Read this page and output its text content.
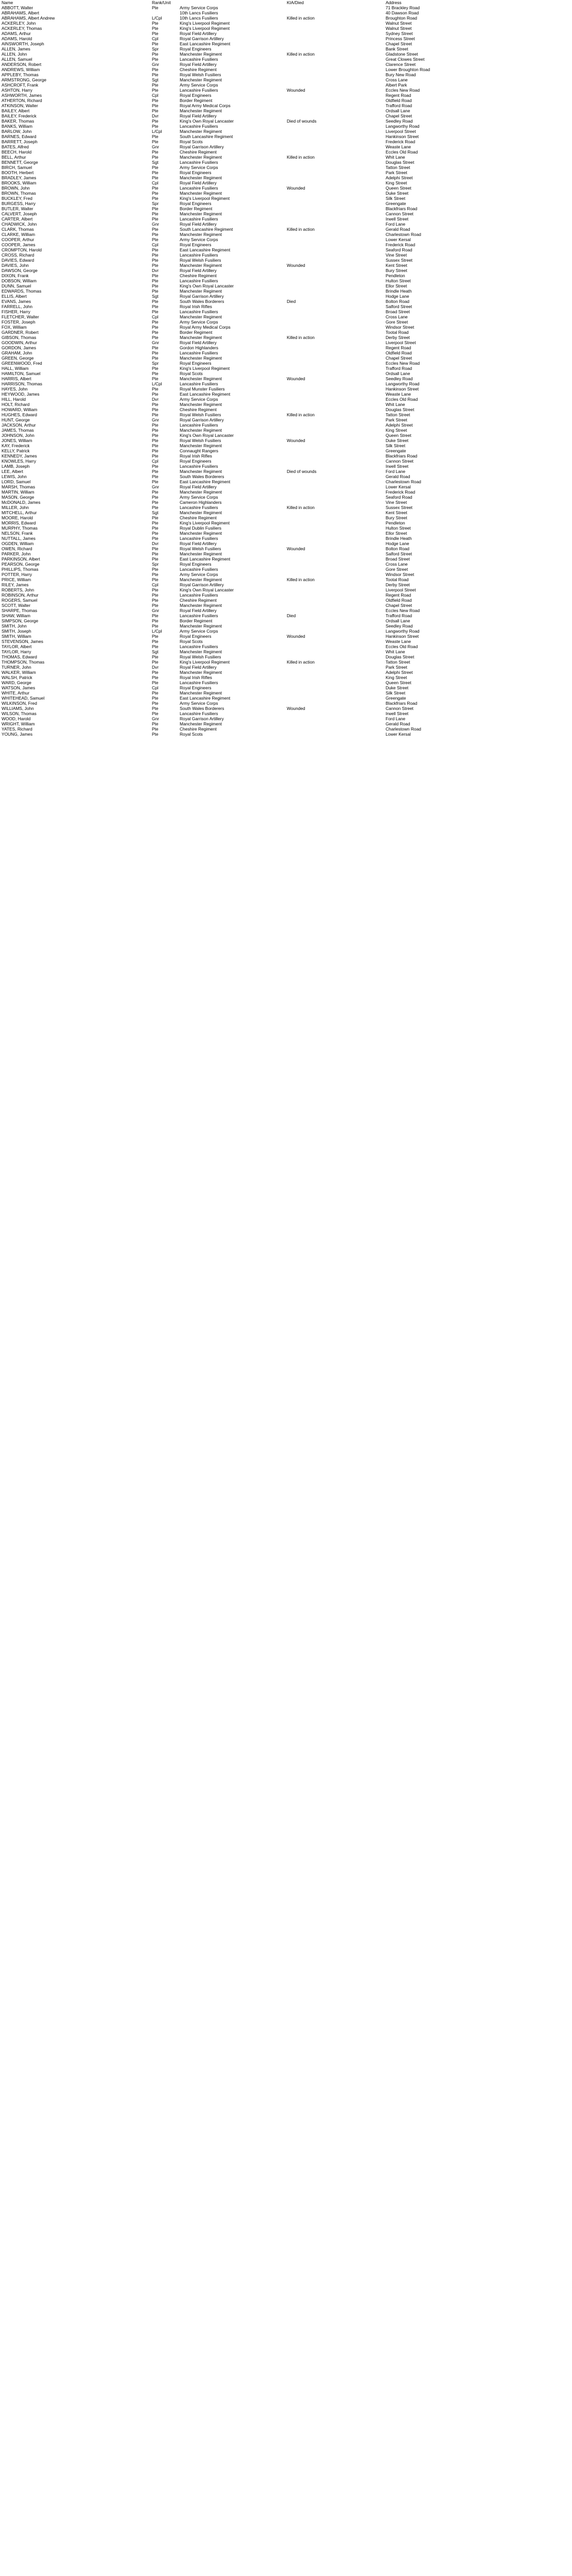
Name		Rank/Unit		KIA/Died	Address
ABBOTT, Walter		Pte	Army Service Corps		71 Brackley Road
ABRAHAMS, Albert			10th Lancs Fusiliers		40 Dawson Road
ABRAHAMS, Albert Andrew		L/Cpl	10th Lancs Fusiliers	Killed in action	Broughton Road
ACKERLEY, John		Pte	King's Liverpool Regiment		Walnut Street
ACKERLEY, Thomas		Pte	King's Liverpool Regiment		Walnut Street
ADAMS, Arthur		Pte	Royal Field Artillery		Sydney Street
ADAMS, Harold		Cpl	Royal Garrison Artillery		Princess Street
AINSWORTH, Joseph		Pte	East Lancashire Regiment		Chapel Street
ALLEN, James		Spr	Royal Engineers		Bank Street
ALLEN, John		Pte	Manchester Regiment	Killed in action	Gladstone Street
ALLEN, Samuel		Pte	Lancashire Fusiliers		Great Clowes Street
ANDERSON, Robert		Gnr	Royal Field Artillery		Clarence Street
ANDREWS, William		Pte	Cheshire Regiment		Lower Broughton Road
APPLEBY, Thomas		Pte	Royal Welsh Fusiliers		Bury New Road
ARMSTRONG, George		Sgt	Manchester Regiment		Cross Lane
ASHCROFT, Frank		Pte	Army Service Corps		Albert Park
ASHTON, Harry		Pte	Lancashire Fusiliers	Wounded	Eccles New Road
ASHWORTH, James		Cpl	Royal Engineers		Regent Road
ATHERTON, Richard		Pte	Border Regiment		Oldfield Road
ATKINSON, Walter		Pte	Royal Army Medical Corps		Trafford Road
BAILEY, Albert		Pte	Manchester Regiment		Ordsall Lane
BAILEY, Frederick		Dvr	Royal Field Artillery		Chapel Street
BAKER, Thomas		Pte	King's Own Royal Lancaster	Died of wounds	Seedley Road
BANKS, William		Pte	Lancashire Fusiliers		Langworthy Road
BARLOW, John		L/Cpl	Manchester Regiment		Liverpool Street
BARNES, Edward		Pte	South Lancashire Regiment		Hankinson Street
BARRETT, Joseph		Pte	Royal Scots		Frederick Road
BATES, Alfred		Gnr	Royal Garrison Artillery		Weaste Lane
BEECH, Harold		Pte	Cheshire Regiment		Eccles Old Road
BELL, Arthur		Pte	Manchester Regiment	Killed in action	Whit Lane
BENNETT, George		Sgt	Lancashire Fusiliers		Douglas Street
BIRCH, Samuel		Pte	Army Service Corps		Tatton Street
BOOTH, Herbert		Pte	Royal Engineers		Park Street
BRADLEY, James		Pte	Manchester Regiment		Adelphi Street
BROOKS, William		Cpl	Royal Field Artillery		King Street
BROWN, John		Pte	Lancashire Fusiliers	Wounded	Queen Street
BROWN, Thomas		Pte	Manchester Regiment		Duke Street
BUCKLEY, Fred		Pte	King's Liverpool Regiment		Silk Street
BURGESS, Harry		Spr	Royal Engineers		Greengate
BUTLER, Walter		Pte	Border Regiment		Blackfriars Road
CALVERT, Joseph		Pte	Manchester Regiment		Cannon Street
CARTER, Albert		Pte	Lancashire Fusiliers		Irwell Street
CHADWICK, John		Gnr	Royal Field Artillery		Ford Lane
CLARK, Thomas		Pte	South Lancashire Regiment	Killed in action	Gerald Road
CLARKE, William		Pte	Manchester Regiment		Charlestown Road
COOPER, Arthur		Pte	Army Service Corps		Lower Kersal
COOPER, James		Cpl	Royal Engineers		Frederick Road
CROMPTON, Harold		Pte	East Lancashire Regiment		Seaford Road
CROSS, Richard		Pte	Lancashire Fusiliers		Vine Street
DAVIES, Edward		Pte	Royal Welsh Fusiliers		Sussex Street
DAVIES, John		Pte	Manchester Regiment	Wounded	Kent Street
DAWSON, George		Dvr	Royal Field Artillery		Bury Street
DIXON, Frank		Pte	Cheshire Regiment		Pendleton
DOBSON, William		Pte	Lancashire Fusiliers		Hulton Street
DUNN, Samuel		Pte	King's Own Royal Lancaster		Ellor Street
EDWARDS, Thomas		Pte	Manchester Regiment		Brindle Heath
ELLIS, Albert		Sgt	Royal Garrison Artillery		Hodge Lane
EVANS, James		Pte	South Wales Borderers	Died	Bolton Road
FARRELL, John		Pte	Royal Irish Rifles		Salford Street
FISHER, Harry		Pte	Lancashire Fusiliers		Broad Street
FLETCHER, Walter		Cpl	Manchester Regiment		Cross Lane
FOSTER, Joseph		Pte	Army Service Corps		Gore Street
FOX, William		Pte	Royal Army Medical Corps		Windsor Street
GARDNER, Robert		Pte	Border Regiment		Tootal Road
GIBSON, Thomas		Pte	Manchester Regiment	Killed in action	Derby Street
GOODWIN, Arthur		Gnr	Royal Field Artillery		Liverpool Street
GORDON, James		Pte	Gordon Highlanders		Regent Road
GRAHAM, John		Pte	Lancashire Fusiliers		Oldfield Road
GREEN, George		Pte	Manchester Regiment		Chapel Street
GREENWOOD, Fred		Spr	Royal Engineers		Eccles New Road
HALL, William		Pte	King's Liverpool Regiment		Trafford Road
HAMILTON, Samuel		Pte	Royal Scots		Ordsall Lane
HARRIS, Albert		Pte	Manchester Regiment	Wounded	Seedley Road
HARRISON, Thomas		L/Cpl	Lancashire Fusiliers		Langworthy Road
HAYES, John		Pte	Royal Munster Fusiliers		Hankinson Street
HEYWOOD, James		Pte	East Lancashire Regiment		Weaste Lane
HILL, Harold		Dvr	Army Service Corps		Eccles Old Road
HOLT, Richard		Pte	Manchester Regiment		Whit Lane
HOWARD, William		Pte	Cheshire Regiment		Douglas Street
HUGHES, Edward		Pte	Royal Welsh Fusiliers	Killed in action	Tatton Street
HUNT, George		Gnr	Royal Garrison Artillery		Park Street
JACKSON, Arthur		Pte	Lancashire Fusiliers		Adelphi Street
JAMES, Thomas		Pte	Manchester Regiment		King Street
JOHNSON, John		Pte	King's Own Royal Lancaster		Queen Street
JONES, William		Pte	Royal Welsh Fusiliers	Wounded	Duke Street
KAY, Frederick		Pte	Manchester Regiment		Silk Street
KELLY, Patrick		Pte	Connaught Rangers		Greengate
KENNEDY, James		Pte	Royal Irish Rifles		Blackfriars Road
KNOWLES, Harry		Cpl	Royal Engineers		Cannon Street
LAMB, Joseph		Pte	Lancashire Fusiliers		Irwell Street
LEE, Albert		Pte	Manchester Regiment	Died of wounds	Ford Lane
LEWIS, John		Pte	South Wales Borderers		Gerald Road
LORD, Samuel		Pte	East Lancashire Regiment		Charlestown Road
MARSH, Thomas		Gnr	Royal Field Artillery		Lower Kersal
MARTIN, William		Pte	Manchester Regiment		Frederick Road
MASON, George		Pte	Army Service Corps		Seaford Road
McDONALD, James		Pte	Cameron Highlanders		Vine Street
MILLER, John		Pte	Lancashire Fusiliers	Killed in action	Sussex Street
MITCHELL, Arthur		Sgt	Manchester Regiment		Kent Street
MOORE, Harold		Pte	Cheshire Regiment		Bury Street
MORRIS, Edward		Pte	King's Liverpool Regiment		Pendleton
MURPHY, Thomas		Pte	Royal Dublin Fusiliers		Hulton Street
NELSON, Frank		Pte	Manchester Regiment		Ellor Street
NUTTALL, James		Pte	Lancashire Fusiliers		Brindle Heath
OGDEN, William		Dvr	Royal Field Artillery		Hodge Lane
OWEN, Richard		Pte	Royal Welsh Fusiliers	Wounded	Bolton Road
PARKER, John		Pte	Manchester Regiment		Salford Street
PARKINSON, Albert		Pte	East Lancashire Regiment		Broad Street
PEARSON, George		Spr	Royal Engineers		Cross Lane
PHILLIPS, Thomas		Pte	Lancashire Fusiliers		Gore Street
POTTER, Harry		Pte	Army Service Corps		Windsor Street
PRICE, William		Pte	Manchester Regiment	Killed in action	Tootal Road
RILEY, James		Cpl	Royal Garrison Artillery		Derby Street
ROBERTS, John		Pte	King's Own Royal Lancaster		Liverpool Street
ROBINSON, Arthur		Pte	Lancashire Fusiliers		Regent Road
ROGERS, Samuel		Pte	Cheshire Regiment		Oldfield Road
SCOTT, Walter		Pte	Manchester Regiment		Chapel Street
SHARPE, Thomas		Gnr	Royal Field Artillery		Eccles New Road
SHAW, William		Pte	Lancashire Fusiliers	Died	Trafford Road
SIMPSON, George		Pte	Border Regiment		Ordsall Lane
SMITH, John		Pte	Manchester Regiment		Seedley Road
SMITH, Joseph		L/Cpl	Army Service Corps		Langworthy Road
SMITH, William		Pte	Royal Engineers	Wounded	Hankinson Street
STEVENSON, James		Pte	Royal Scots		Weaste Lane
TAYLOR, Albert		Pte	Lancashire Fusiliers		Eccles Old Road
TAYLOR, Harry		Sgt	Manchester Regiment		Whit Lane
THOMAS, Edward		Pte	Royal Welsh Fusiliers		Douglas Street
THOMPSON, Thomas		Pte	King's Liverpool Regiment	Killed in action	Tatton Street
TURNER, John		Dvr	Royal Field Artillery		Park Street
WALKER, William		Pte	Manchester Regiment		Adelphi Street
WALSH, Patrick		Pte	Royal Irish Rifles		King Street
WARD, George		Pte	Lancashire Fusiliers		Queen Street
WATSON, James		Cpl	Royal Engineers		Duke Street
WHITE, Arthur		Pte	Manchester Regiment		Silk Street
WHITEHEAD, Samuel		Pte	East Lancashire Regiment		Greengate
WILKINSON, Fred		Pte	Army Service Corps		Blackfriars Road
WILLIAMS, John		Pte	South Wales Borderers	Wounded	Cannon Street
WILSON, Thomas		Pte	Lancashire Fusiliers		Irwell Street
WOOD, Harold		Gnr	Royal Garrison Artillery		Ford Lane
WRIGHT, William		Pte	Manchester Regiment		Gerald Road
YATES, Richard		Pte	Cheshire Regiment		Charlestown Road
YOUNG, James		Pte	Royal Scots		Lower Kersal
